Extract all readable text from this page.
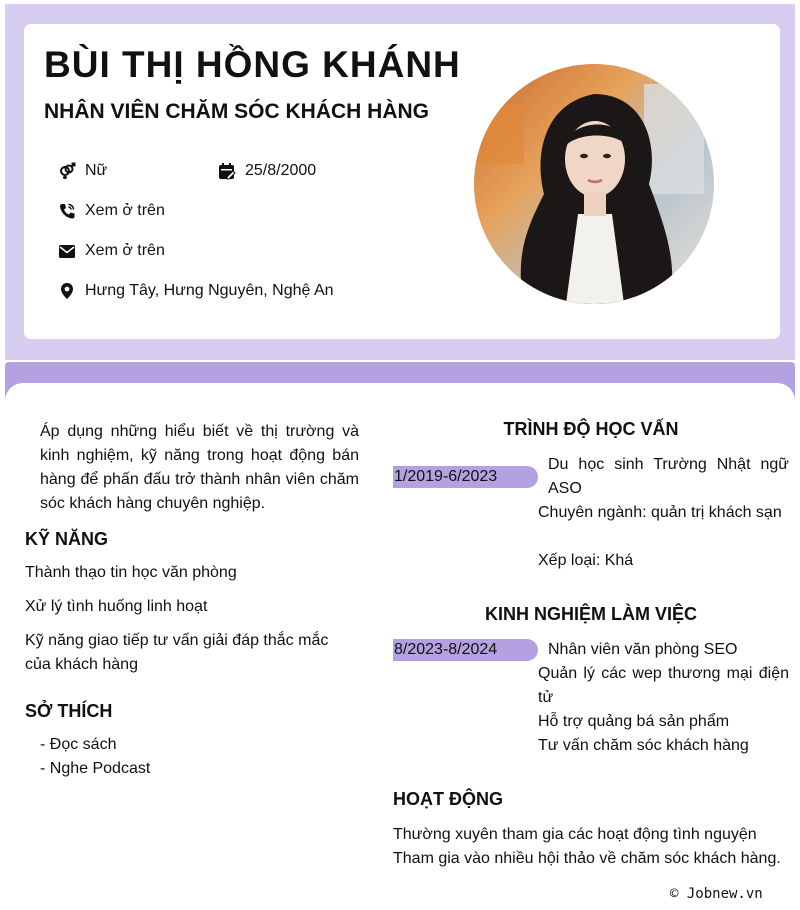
BÙI THỊ HỒNG KHÁNH
NHÂN VIÊN CHĂM SÓC KHÁCH HÀNG
Nữ	25/8/2000
Xem ở trên
Xem ở trên
Hưng Tây, Hưng Nguyên, Nghệ An
Áp dụng những hiểu biết về thị trường và kinh nghiệm, kỹ năng trong hoạt động bán hàng để phấn đấu trở thành nhân viên chăm sóc khách hàng chuyên nghiệp.
KỸ NĂNG
Thành thạo tin học văn phòng
Xử lý tình huống linh hoạt
Kỹ năng giao tiếp tư vấn giải đáp thắc mắc của khách hàng
SỞ THÍCH
- Đọc sách
- Nghe Podcast
TRÌNH ĐỘ HỌC VẤN
1/2019-6/2023
Du học sinh Trường Nhật ngữ ASO
Chuyên ngành: quản trị khách sạn
Xếp loại: Khá
KINH NGHIỆM LÀM VIỆC
8/2023-8/2024	Nhân viên văn phòng SEO
Quản lý các wep thương mại điện tử
Hỗ trợ quảng bá sản phẩm
Tư vấn chăm sóc khách hàng
HOẠT ĐỘNG
Thường xuyên tham gia các hoạt động tình nguyện
Tham gia vào nhiều hội thảo về chăm sóc khách hàng.
© Jobnew.vn
